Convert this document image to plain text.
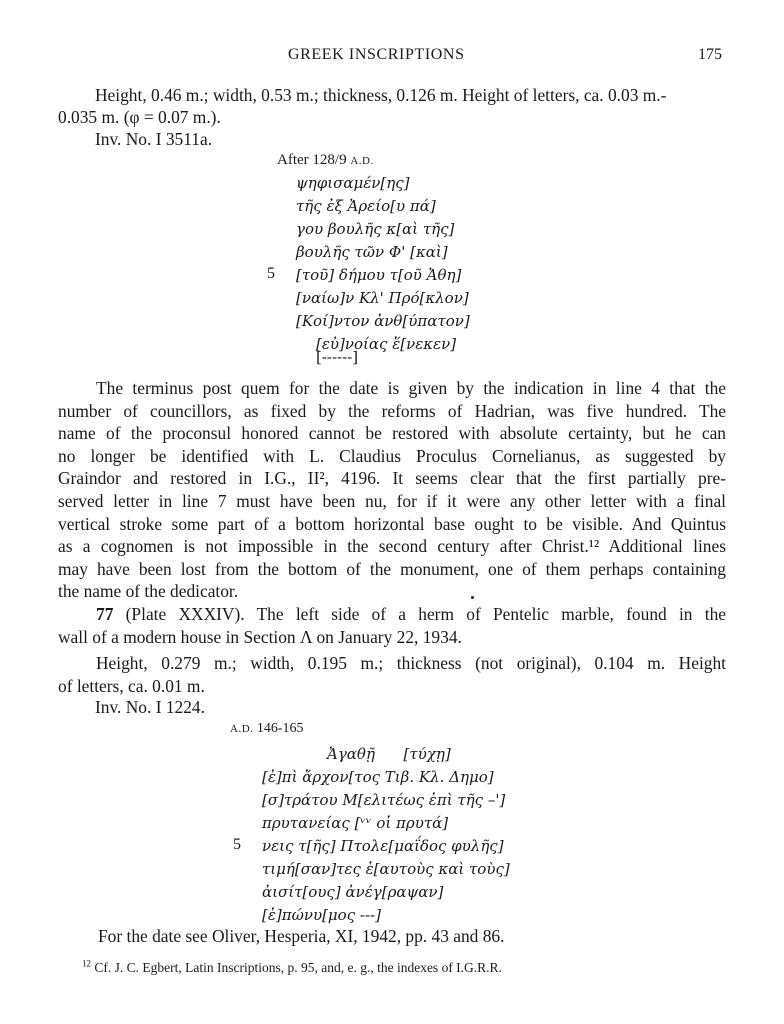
GREEK INSCRIPTIONS	175
Height, 0.46 m.; width, 0.53 m.; thickness, 0.126 m. Height of letters, ca. 0.03 m.-
0.035 m. (φ = 0.07 m.).
Inv. No. I 3511a.
After 128/9 A.D.
ψηφισαμέν[ης]
τῆς ἐξ Ἀρείο[υ πά]
γου βουλῆς κ[αὶ τῆς]
βουλῆς τῶν Φ' [καὶ]
5 [τοῦ] δήμου τ[οῦ Ἀθη]
[ναίω]ν Κλ' Πρό[κλον]
[Κοί]ντον ἀνθ[ύπατον]
[εὐ]νοίας ἕ[νεκεν]
[------]
The terminus post quem for the date is given by the indication in line 4 that the
number of councillors, as fixed by the reforms of Hadrian, was five hundred. The
name of the proconsul honored cannot be restored with absolute certainty, but he can
no longer be identified with L. Claudius Proculus Cornelianus, as suggested by
Graindor and restored in I.G., II², 4196. It seems clear that the first partially pre-
served letter in line 7 must have been nu, for if it were any other letter with a final
vertical stroke some part of a bottom horizontal base ought to be visible. And Quintus
as a cognomen is not impossible in the second century after Christ.¹² Additional lines
may have been lost from the bottom of the monument, one of them perhaps containing
the name of the dedicator.
77 (Plate XXXIV). The left side of a herm of Pentelic marble, found in the
wall of a modern house in Section Λ on January 22, 1934.
Height, 0.279 m.; width, 0.195 m.; thickness (not original), 0.104 m. Height
of letters, ca. 0.01 m.
Inv. No. I 1224.
A.D. 146-165
Ἀγαθῇ      [τύχῃ]
[ἐ]πὶ ἄρχον[τος Τιβ. Κλ. Δημο]
[σ]τράτου Μ[ελιτέως ἐπὶ τῆς –']
πρυτανείας [ᵛᵛ οἱ πρυτά]
5 νεις τ[ῆς] Πτολε[μαΐδος φυλῆς]
τιμή[σαν]τες ἑ[αυτοὺς καὶ τοὺς]
ἀισίτ[ους] ἀνέγ[ραψαν]
[ἐ]πώνυ[μος ---]
For the date see Oliver, Hesperia, XI, 1942, pp. 43 and 86.
$^{12}$ Cf. J. C. Egbert, Latin Inscriptions, p. 95, and, e. g., the indexes of I.G.R.R.
